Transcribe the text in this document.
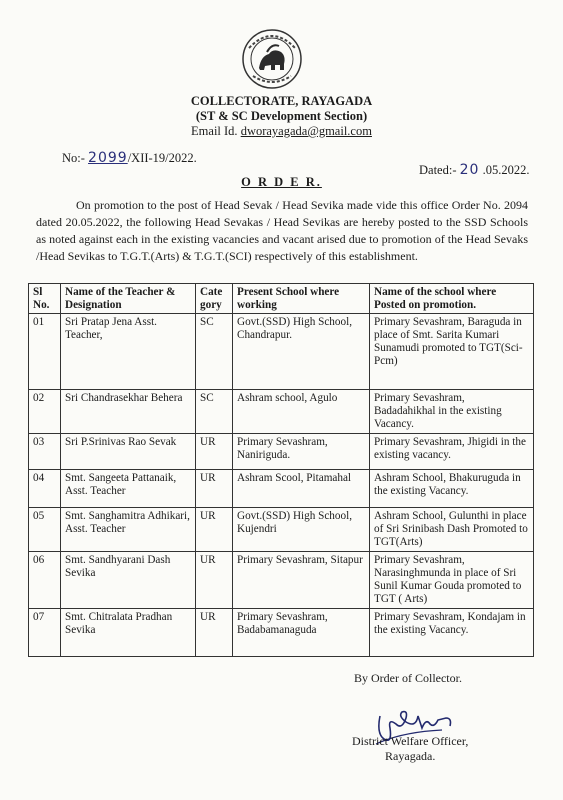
COLLECTORATE, RAYAGADA
(ST & SC Development Section)
Email Id. dworayagada@gmail.com
No:- 2099/XII-19/2022.
Dated:- 20 .05.2022.
O R D E R.
On promotion to the post of Head Sevak / Head Sevika made vide this office Order No. 2094 dated 20.05.2022, the following Head Sevakas / Head Sevikas are hereby posted to the SSD Schools as noted against each in the existing vacancies and vacant arised due to promotion of the Head Sevaks /Head Sevikas to T.G.T.(Arts) & T.G.T.(SCI) respectively of this establishment.
Sl No.	Name of the Teacher & Designation	Cate gory	Present School where working	Name of the school where Posted on promotion.
01	Sri Pratap Jena Asst. Teacher,	SC	Govt.(SSD) High School, Chandrapur.	Primary Sevashram, Baraguda in place of Smt. Sarita Kumari Sunamudi promoted to TGT(Sci-Pcm)
02	Sri Chandrasekhar Behera	SC	Ashram school, Agulo	Primary Sevashram, Badadahikhal in the existing Vacancy.
03	Sri P.Srinivas Rao Sevak	UR	Primary Sevashram, Naniriguda.	Primary Sevashram, Jhigidi in the existing vacancy.
04	Smt. Sangeeta Pattanaik, Asst. Teacher	UR	Ashram Scool, Pitamahal	Ashram School, Bhakuruguda in the existing Vacancy.
05	Smt. Sanghamitra Adhikari, Asst. Teacher	UR	Govt.(SSD) High School, Kujendri	Ashram School, Gulunthi in place of Sri Srinibash Dash Promoted to TGT(Arts)
06	Smt. Sandhyarani Dash Sevika	UR	Primary Sevashram, Sitapur	Primary Sevashram, Narasinghmunda in place of Sri Sunil Kumar Gouda promoted to TGT ( Arts)
07	Smt. Chitralata Pradhan Sevika	UR	Primary Sevashram, Badabamanaguda	Primary Sevashram, Kondajam in the existing Vacancy.
By Order of Collector.
District Welfare Officer,
Rayagada.
